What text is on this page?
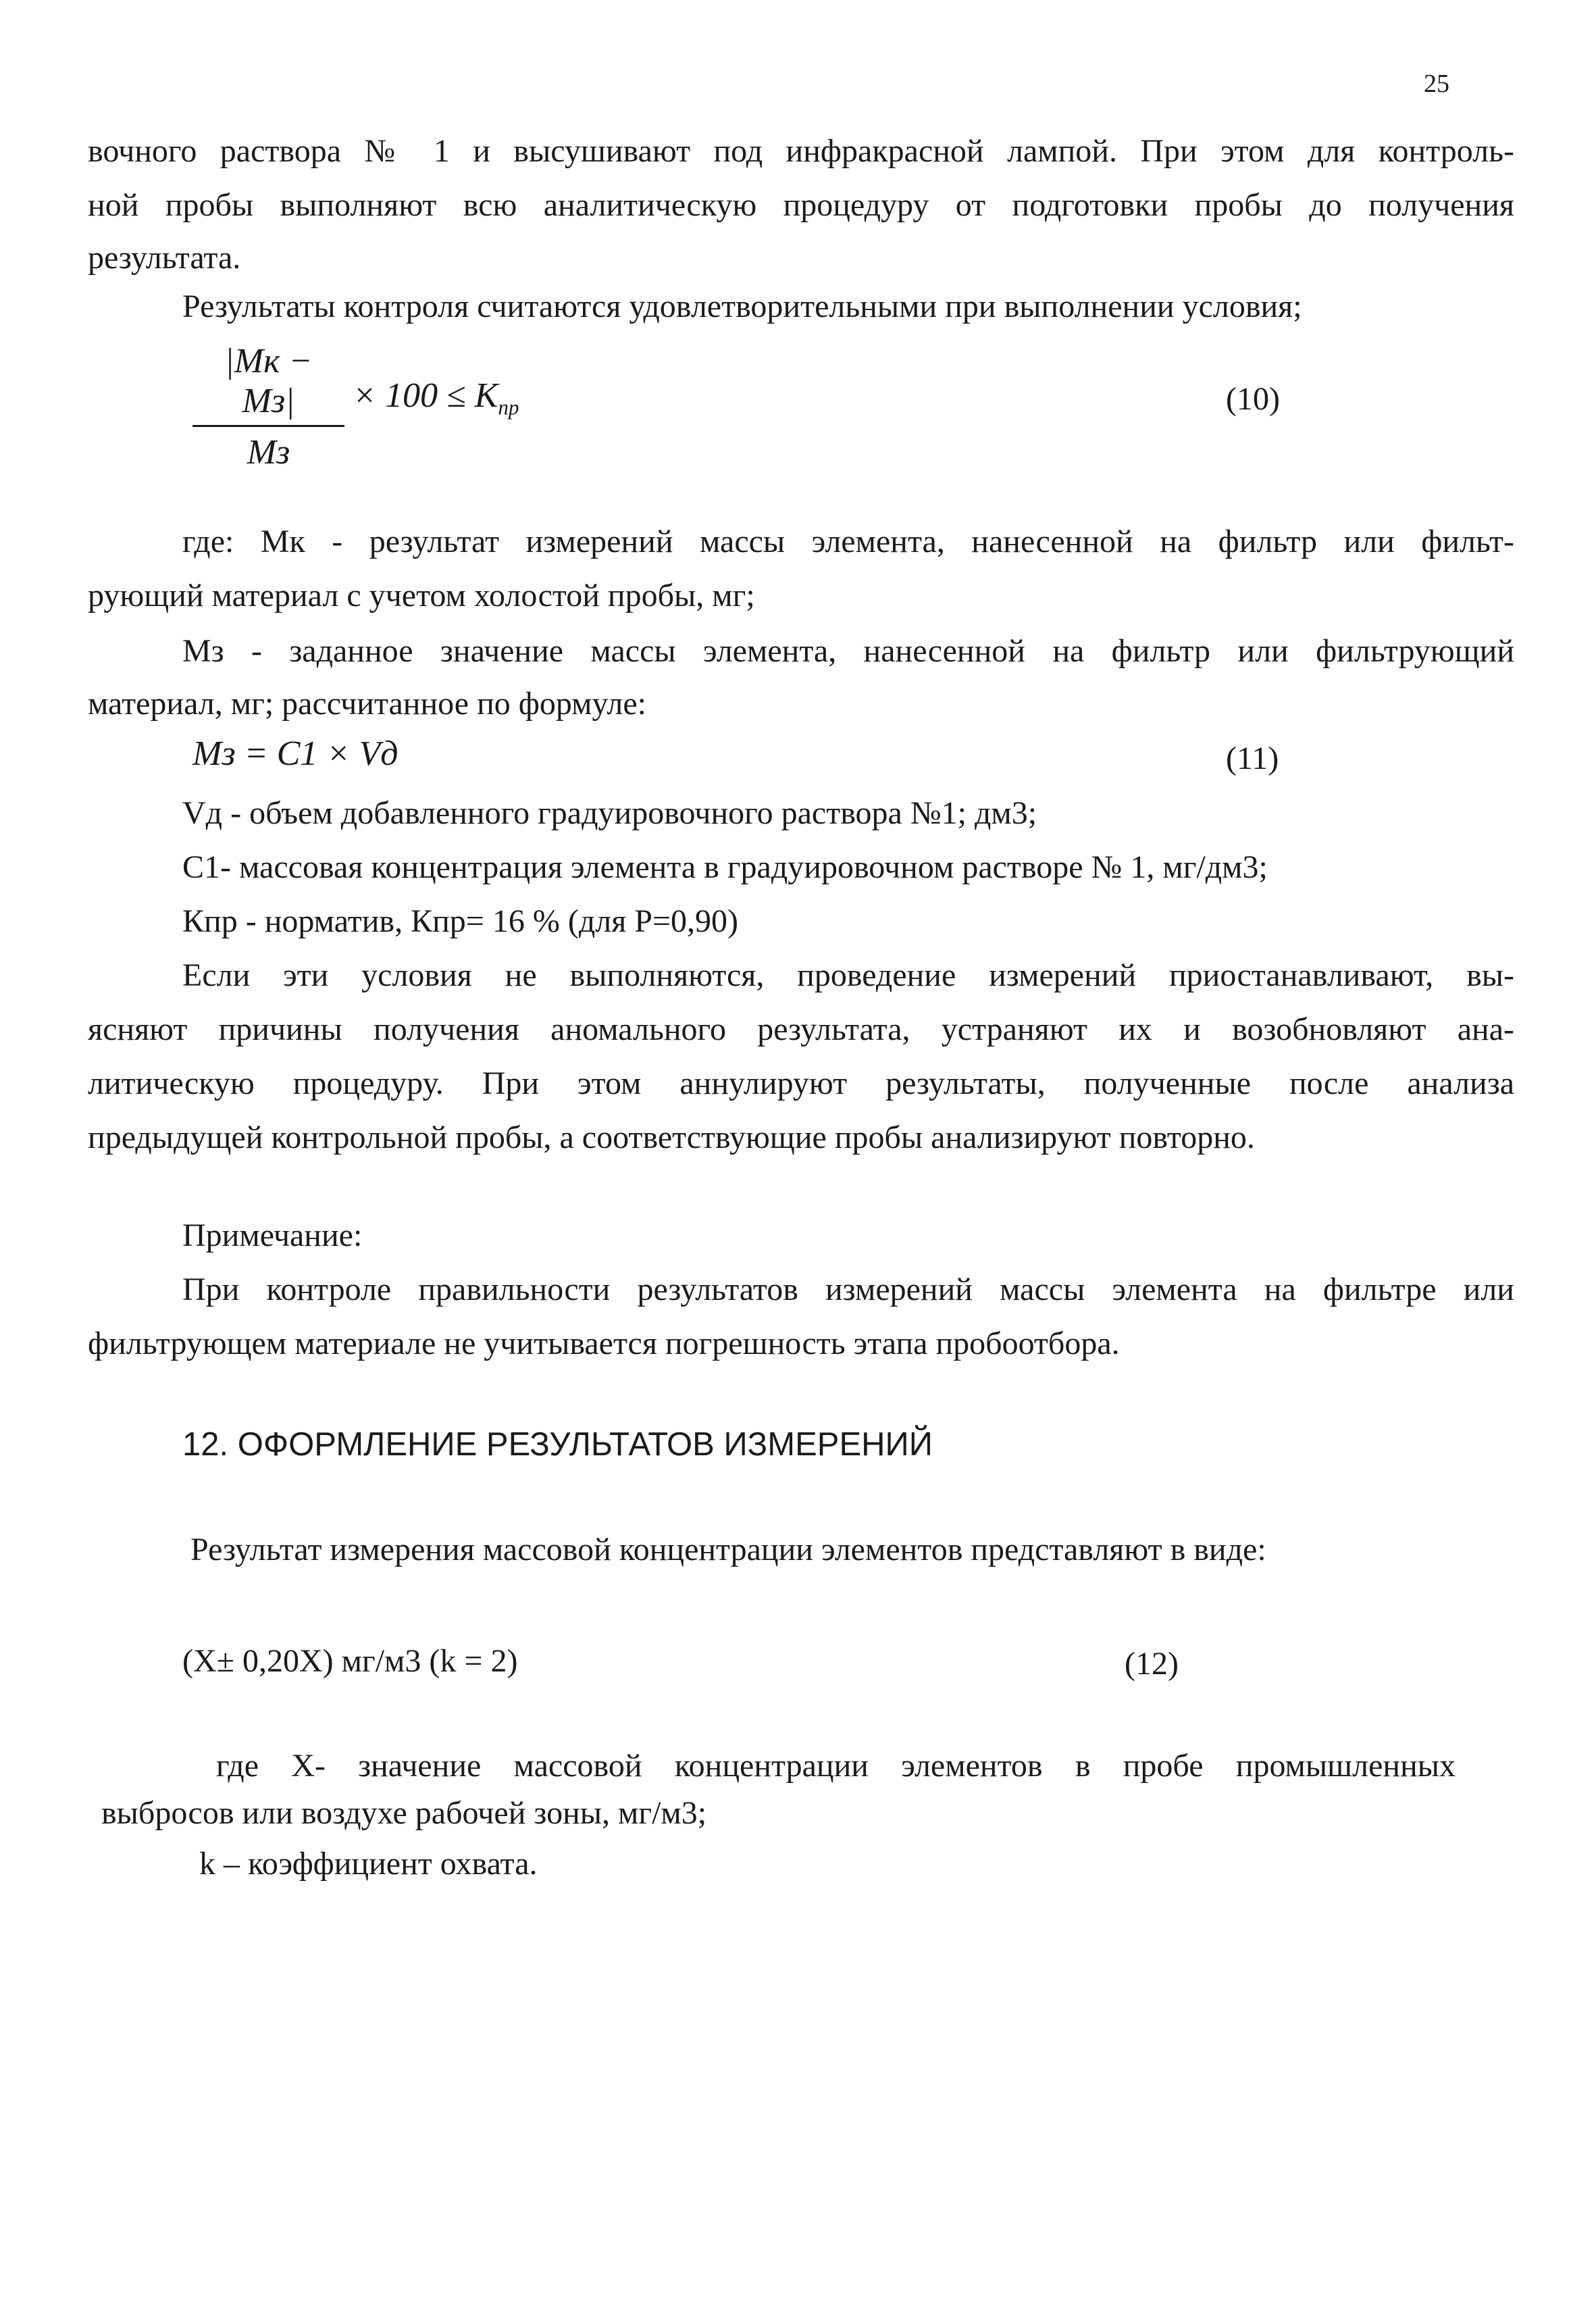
25
вочного раствора № 1 и высушивают под инфракрасной лампой. При этом для контроль-
ной пробы выполняют всю аналитическую процедуру от подготовки пробы до получения
результата.
Результаты контроля считаются удовлетворительными при выполнении условия;
|Mк − Mз|
Mз
× $100 \le K_{пр}$	(10)
где: Мк - результат измерений массы элемента, нанесенной на фильтр или фильт-
рующий материал с учетом холостой пробы, мг;
Мз - заданное значение массы элемента, нанесенной на фильтр или фильтрующий
материал, мг; рассчитанное по формуле:
Mз = C1 × Vд	(11)
Vд - объем добавленного градуировочного раствора №1; дм3;
С1- массовая концентрация элемента в градуировочном растворе № 1, мг/дм3;
Кпр - норматив, Кпр= 16 % (для Р=0,90)
Если эти условия не выполняются, проведение измерений приостанавливают, вы-
ясняют причины получения аномального результата, устраняют их и возобновляют ана-
литическую процедуру. При этом аннулируют результаты, полученные после анализа
предыдущей контрольной пробы, а соответствующие пробы анализируют повторно.
Примечание:
При контроле правильности результатов измерений массы элемента на фильтре или
фильтрующем материале не учитывается погрешность этапа пробоотбора.
12. ОФОРМЛЕНИЕ РЕЗУЛЬТАТОВ ИЗМЕРЕНИЙ
Результат измерения массовой концентрации элементов представляют в виде:
(X± 0,20X) мг/м3 (k = 2)	(12)
где X- значение массовой концентрации элементов в пробе промышленных
выбросов или воздухе рабочей зоны, мг/м3;
k – коэффициент охвата.
